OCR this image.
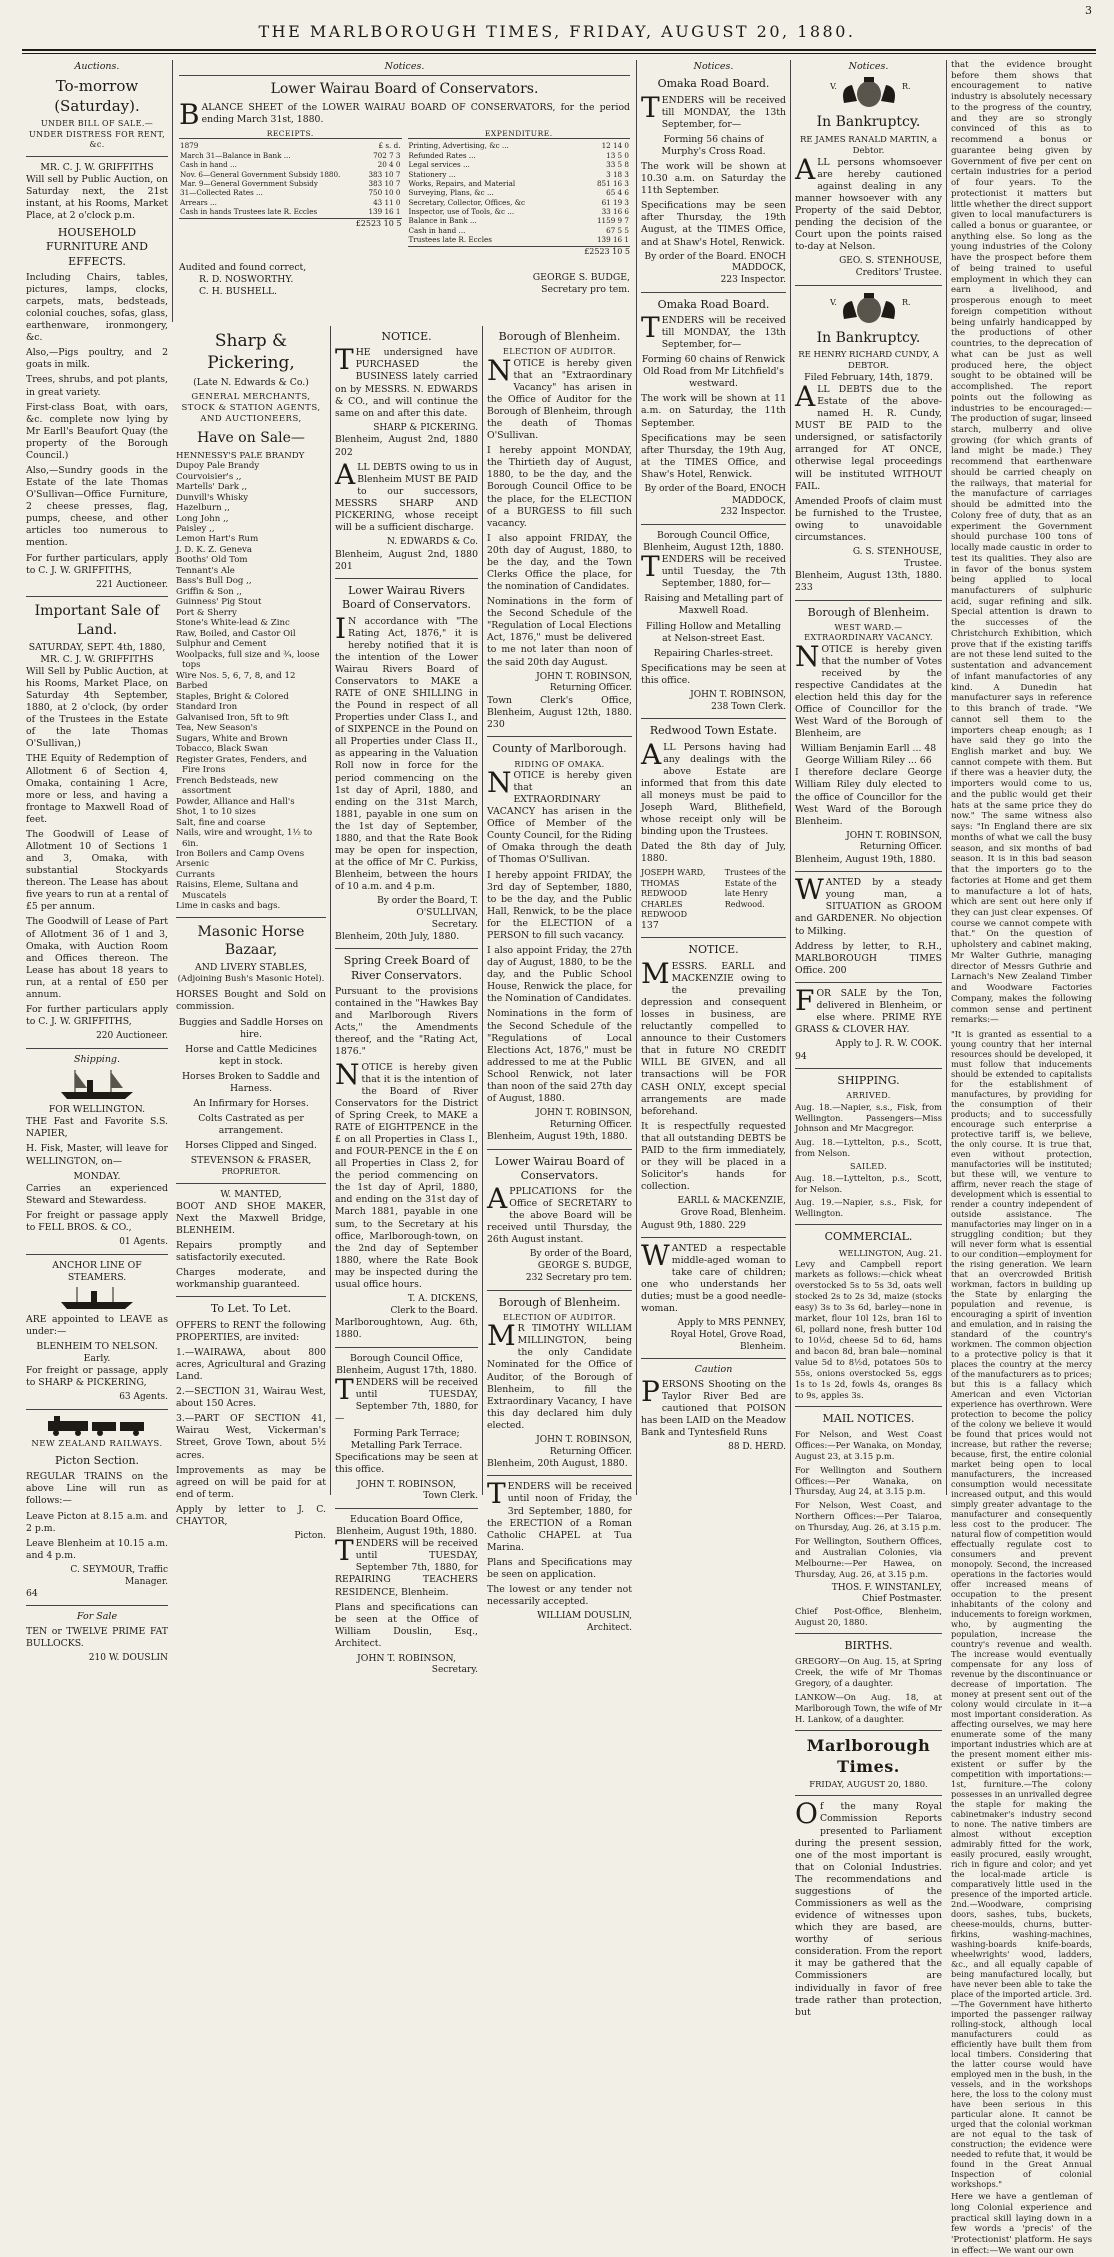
THE MARLBOROUGH TIMES, FRIDAY, AUGUST 20, 1880.
3
Auctions.
To-morrow (Saturday).
UNDER BILL OF SALE.—UNDER DISTRESS FOR RENT, &c.
MR. C. J. W. GRIFFITHS
Will sell by Public Auction, on Saturday next, the 21st instant, at his Rooms, Market Place, at 2 o'clock p.m.
HOUSEHOLD FURNITURE AND EFFECTS.
Including Chairs, tables, pictures, lamps, clocks, carpets, mats, bedsteads, colonial couches, sofas, glass, earthenware, ironmongery, &c.
Also,—Pigs poultry, and 2 goats in milk.
Trees, shrubs, and pot plants, in great variety.
First-class Boat, with oars, &c. complete now lying by Mr Earll's Beaufort Quay (the property of the Borough Council.)
Also,—Sundry goods in the Estate of the late Thomas O'Sullivan—Office Furniture, 2 cheese presses, flag, pumps, cheese, and other articles too numerous to mention.
For further particulars, apply to C. J. W. GRIFFITHS,
221 Auctioneer.
Important Sale of Land.
SATURDAY, SEPT. 4th, 1880,
MR. C. J. W. GRIFFITHS
Will Sell by Public Auction, at his Rooms, Market Place, on Saturday 4th September, 1880, at 2 o'clock, (by order of the Trustees in the Estate of the late Thomas O'Sullivan,)
THE Equity of Redemption of Allotment 6 of Section 4, Omaka, containing 1 Acre, more or less, and having a frontage to Maxwell Road of feet.
The Goodwill of Lease of Allotment 10 of Sections 1 and 3, Omaka, with substantial Stockyards thereon. The Lease has about five years to run at a rental of £5 per annum.
The Goodwill of Lease of Part of Allotment 36 of 1 and 3, Omaka, with Auction Room and Offices thereon. The Lease has about 18 years to run, at a rental of £50 per annum.
For further particulars apply to C. J. W. GRIFFITHS,
220 Auctioneer.
Shipping.
FOR WELLINGTON.
THE Fast and Favorite S.S. NAPIER,
H. Fisk, Master, will leave for WELLINGTON, on—
MONDAY.
Carries an experienced Steward and Stewardess.
For freight or passage apply to FELL BROS. & CO.,
01 Agents.
ANCHOR LINE OF STEAMERS.
ARE appointed to LEAVE as under:—
BLENHEIM TO NELSON.
Early.
For freight or passage, apply to SHARP & PICKERING,
63 Agents.
NEW ZEALAND RAILWAYS.
Picton Section.
REGULAR TRAINS on the above Line will run as follows:—
Leave Picton at 8.15 a.m. and 2 p.m.
Leave Blenheim at 10.15 a.m. and 4 p.m.
C. SEYMOUR, Traffic Manager.
64
For Sale
TEN or TWELVE PRIME FAT BULLOCKS.
210 W. DOUSLIN
Notices.
Lower Wairau Board of Conservators.
BALANCE SHEET of the LOWER WAIRAU BOARD OF CONSERVATORS, for the period ending March 31st, 1880.
RECEIPTS.
1879	£ s. d.
March 31—Balance in Bank ...	702 7 3
Cash in hand ...	20 4 0
Nov. 6—General Government Subsidy 1880.	383 10 7
Mar. 9—General Government Subsidy	383 10 7
31—Collected Rates ...	750 10 0
Arrears ...	43 11 0
Cash in hands Trustees late R. Eccles	139 16 1
£2523 10 5
EXPENDITURE.
Printing, Advertising, &c ...	12 14 0
Refunded Rates ...	13 5 0
Legal services ...	33 5 8
Stationery ...	3 18 3
Works, Repairs, and Material	851 16 3
Surveying, Plans, &c ...	65 4 6
Secretary, Collector, Offices, &c	61 19 3
Inspector, use of Tools, &c ...	33 16 6
Balance in Bank ...	1159 9 7
Cash in hand ...	67 5 5
Trustees late R. Eccles	139 16 1
£2523 10 5
Audited and found correct,
R. D. NOSWORTHY.
C. H. BUSHELL.
GEORGE S. BUDGE,
Secretary pro tem.
Sharp & Pickering,
(Late N. Edwards & Co.)
GENERAL MERCHANTS, STOCK & STATION AGENTS, AND AUCTIONEERS,
Have on Sale—
HENNESSY'S PALE BRANDY
Dupoy Pale Brandy
Courvoisier's ,,
Martells' Dark ,,
Dunvill's Whisky
Hazelburn ,,
Long John ,,
Paisley ,,
Lemon Hart's Rum
J. D. K. Z. Geneva
Booths' Old Tom
Tennant's Ale
Bass's Bull Dog ,,
Griffin & Son ,,
Guinness' Pig Stout
Port & Sherry
Stone's White-lead & Zinc
Raw, Boiled, and Castor Oil
Sulphur and Cement
Woolpacks, full size and ¾, loose tops
Wire Nos. 5, 6, 7, 8, and 12
Barbed
Staples, Bright & Colored
Standard Iron
Galvanised Iron, 5ft to 9ft
Tea, New Season's
Sugars, White and Brown
Tobacco, Black Swan
Register Grates, Fenders, and Fire Irons
French Bedsteads, new assortment
Powder, Alliance and Hall's
Shot, 1 to 10 sizes
Salt, fine and coarse
Nails, wire and wrought, 1½ to 6in.
Iron Boilers and Camp Ovens
Arsenic
Currants
Raisins, Eleme, Sultana and Muscatels
Lime in casks and bags.
Masonic Horse Bazaar,
AND LIVERY STABLES,
(Adjoining Bush's Masonic Hotel).
HORSES Bought and Sold on commission.
Buggies and Saddle Horses on hire.
Horse and Cattle Medicines kept in stock.
Horses Broken to Saddle and Harness.
An Infirmary for Horses.
Colts Castrated as per arrangement.
Horses Clipped and Singed.
STEVENSON & FRASER,
PROPRIETOR.
W. MANTED,
BOOT AND SHOE MAKER, Next the Maxwell Bridge, BLENHEIM.
Repairs promptly and satisfactorily executed.
Charges moderate, and workmanship guaranteed.
To Let. To Let.
OFFERS to RENT the following PROPERTIES, are invited:
1.—WAIRAWA, about 800 acres, Agricultural and Grazing Land.
2.—SECTION 31, Wairau West, about 150 Acres.
3.—PART OF SECTION 41, Wairau West, Vickerman's Street, Grove Town, about 5½ acres.
Improvements as may be agreed on will be paid for at end of term.
Apply by letter to J. C. CHAYTOR,
Picton.
NOTICE.
THE undersigned have PURCHASED the BUSINESS lately carried on by MESSRS. N. EDWARDS & CO., and will continue the same on and after this date.
SHARP & PICKERING.
Blenheim, August 2nd, 1880 202
ALL DEBTS owing to us in Blenheim MUST BE PAID to our successors, MESSRS SHARP AND PICKERING, whose receipt will be a sufficient discharge.
N. EDWARDS & Co.
Blenheim, August 2nd, 1880 201
Lower Wairau Rivers Board of Conservators.
IN accordance with "The Rating Act, 1876," it is hereby notified that it is the intention of the Lower Wairau Rivers Board of Conservators to MAKE a RATE of ONE SHILLING in the Pound in respect of all Properties under Class I., and of SIXPENCE in the Pound on all Properties under Class II., as appearing in the Valuation Roll now in force for the period commencing on the 1st day of April, 1880, and ending on the 31st March, 1881, payable in one sum on the 1st day of September, 1880, and that the Rate Book may be open for inspection, at the office of Mr C. Purkiss, Blenheim, between the hours of 10 a.m. and 4 p.m.
By order the Board, T. O'SULLIVAN,
Secretary.
Blenheim, 20th July, 1880.
Spring Creek Board of River Conservators.
Pursuant to the provisions contained in the "Hawkes Bay and Marlborough Rivers Acts," the Amendments thereof, and the "Rating Act, 1876."
NOTICE is hereby given that it is the intention of the Board of River Conservators for the District of Spring Creek, to MAKE a RATE of EIGHTPENCE in the £ on all Properties in Class I., and FOUR-PENCE in the £ on all Properties in Class 2, for the period commencing on the 1st day of April, 1880, and ending on the 31st day of March 1881, payable in one sum, to the Secretary at his office, Marlborough-town, on the 2nd day of September 1880, where the Rate Book may be inspected during the usual office hours.
T. A. DICKENS,
Clerk to the Board.
Marlboroughtown, Aug. 6th, 1880.
Borough Council Office,
Blenheim, August 17th, 1880.
TENDERS will be received until TUESDAY, September 7th, 1880, for—
Forming Park Terrace;
Metalling Park Terrace.
Specifications may be seen at this office.
JOHN T. ROBINSON,
Town Clerk.
Education Board Office,
Blenheim, August 19th, 1880.
TENDERS will be received until TUESDAY, September 7th, 1880, for REPAIRING TEACHERS RESIDENCE, Blenheim.
Plans and specifications can be seen at the Office of William Douslin, Esq., Architect.
JOHN T. ROBINSON,
Secretary.
Borough of Blenheim.
ELECTION OF AUDITOR.
NOTICE is hereby given that an "Extraordinary Vacancy" has arisen in the Office of Auditor for the Borough of Blenheim, through the death of Thomas O'Sullivan.
I hereby appoint MONDAY, the Thirtieth day of August, 1880, to be the day, and the Borough Council Office to be the place, for the ELECTION of a BURGESS to fill such vacancy.
I also appoint FRIDAY, the 20th day of August, 1880, to be the day, and the Town Clerks Office the place, for the nomination of Candidates.
Nominations in the form of the Second Schedule of the "Regulation of Local Elections Act, 1876," must be delivered to me not later than noon of the said 20th day August.
JOHN T. ROBINSON,
Returning Officer.
Town Clerk's Office, Blenheim, August 12th, 1880. 230
County of Marlborough.
RIDING OF OMAKA.
NOTICE is hereby given that an EXTRAORDINARY VACANCY has arisen in the Office of Member of the County Council, for the Riding of Omaka through the death of Thomas O'Sullivan.
I hereby appoint FRIDAY, the 3rd day of September, 1880, to be the day, and the Public Hall, Renwick, to be the place for the ELECTION of a PERSON to fill such vacancy.
I also appoint Friday, the 27th day of August, 1880, to be the day, and the Public School House, Renwick the place, for the Nomination of Candidates.
Nominations in the form of the Second Schedule of the "Regulations of Local Elections Act, 1876," must be addressed to me at the Public School Renwick, not later than noon of the said 27th day of August, 1880.
JOHN T. ROBINSON,
Returning Officer.
Blenheim, August 19th, 1880.
Lower Wairau Board of Conservators.
APPLICATIONS for the Office of SECRETARY to the above Board will be received until Thursday, the 26th August instant.
By order of the Board, GEORGE S. BUDGE,
232 Secretary pro tem.
Borough of Blenheim.
ELECTION OF AUDITOR.
MR TIMOTHY WILLIAM MILLINGTON, being the only Candidate Nominated for the Office of Auditor, of the Borough of Blenheim, to fill the Extraordinary Vacancy, I have this day declared him duly elected.
JOHN T. ROBINSON,
Returning Officer.
Blenheim, 20th August, 1880.
TENDERS will be received until noon of Friday, the 3rd September, 1880, for the ERECTION of a Roman Catholic CHAPEL at Tua Marina.
Plans and Specifications may be seen on application.
The lowest or any tender not necessarily accepted.
WILLIAM DOUSLIN,
Architect.
Notices.
Omaka Road Board.
TENDERS will be received till MONDAY, the 13th September, for—
Forming 56 chains of Murphy's Cross Road.
The work will be shown at 10.30 a.m. on Saturday the 11th September.
Specifications may be seen after Thursday, the 19th August, at the TIMES Office, and at Shaw's Hotel, Renwick.
By order of the Board. ENOCH MADDOCK,
223 Inspector.
Omaka Road Board.
TENDERS will be received till MONDAY, the 13th September, for—
Forming 60 chains of Renwick Old Road from Mr Litchfield's westward.
The work will be shown at 11 a.m. on Saturday, the 11th September.
Specifications may be seen after Thursday, the 19th Aug, at the TIMES Office, and Shaw's Hotel, Renwick.
By order of the Board, ENOCH MADDOCK,
232 Inspector.
Borough Council Office,
Blenheim, August 12th, 1880.
TENDERS will be received until Tuesday, the 7th September, 1880, for—
Raising and Metalling part of Maxwell Road.
Filling Hollow and Metalling at Nelson-street East.
Repairing Charles-street.
Specifications may be seen at this office.
JOHN T. ROBINSON,
238 Town Clerk.
Redwood Town Estate.
ALL Persons having had any dealings with the above Estate are informed that from this date all moneys must be paid to Joseph Ward, Blithefield, whose receipt only will be binding upon the Trustees.
Dated the 8th day of July, 1880.
JOSEPH WARD,
THOMAS REDWOOD
CHARLES REDWOOD
Trustees of the Estate of the late Henry Redwood.
137
NOTICE.
MESSRS. EARLL and MACKENZIE owing to the prevailing depression and consequent losses in business, are reluctantly compelled to announce to their Customers that in future NO CREDIT WILL BE GIVEN, and all transactions will be FOR CASH ONLY, except special arrangements are made beforehand.
It is respectfully requested that all outstanding DEBTS be PAID to the firm immediately, or they will be placed in a Solicitor's hands for collection.
EARLL & MACKENZIE,
Grove Road, Blenheim.
August 9th, 1880. 229
WANTED a respectable middle-aged woman to take care of children; one who understands her duties; must be a good needle-woman.
Apply to MRS PENNEY,
Royal Hotel, Grove Road, Blenheim.
Caution
PERSONS Shooting on the Taylor River Bed are cautioned that POISON has been LAID on the Meadow Bank and Tyntesfield Runs
88 D. HERD.
Notices.
V.	R.
In Bankruptcy.
RE JAMES RANALD MARTIN, a Debtor.
ALL persons whomsoever are hereby cautioned against dealing in any manner howsoever with any Property of the said Debtor, pending the decision of the Court upon the points raised to-day at Nelson.
GEO. S. STENHOUSE,
Creditors' Trustee.
V.	R.
In Bankruptcy.
RE HENRY RICHARD CUNDY, A DEBTOR.
Filed February, 14th, 1879.
ALL DEBTS due to the Estate of the above-named H. R. Cundy, MUST BE PAID to the undersigned, or satisfactorily arranged for AT ONCE, otherwise legal proceedings will be instituted WITHOUT FAIL.
Amended Proofs of claim must be furnished to the Trustee, owing to unavoidable circumstances.
G. S. STENHOUSE,
Trustee.
Blenheim, August 13th, 1880. 233
Borough of Blenheim.
WEST WARD.—EXTRAORDINARY VACANCY.
NOTICE is hereby given that the number of Votes received by the respective Candidates at the election held this day for the Office of Councillor for the West Ward of the Borough of Blenheim, are
William Benjamin Earll ... 48
George William Riley ... 66
I therefore declare George William Riley duly elected to the office of Councillor for the West Ward of the Borough Blenheim.
JOHN T. ROBINSON,
Returning Officer.
Blenheim, August 19th, 1880.
WANTED by a steady young man, a SITUATION as GROOM and GARDENER. No objection to Milking.
Address by letter, to R.H., MARLBOROUGH TIMES Office. 200
FOR SALE by the Ton, delivered in Blenheim, or else where. PRIME RYE GRASS & CLOVER HAY.
Apply to J. R. W. COOK.
94
SHIPPING.
ARRIVED.
Aug. 18.—Napier, s.s., Fisk, from Wellington. Passengers—Miss Johnson and Mr Macgregor.
Aug. 18.—Lyttelton, p.s., Scott, from Nelson.
SAILED.
Aug. 18.—Lyttelton, p.s., Scott, for Nelson.
Aug. 19.—Napier, s.s., Fisk, for Wellington.
COMMERCIAL.
WELLINGTON, Aug. 21.
Levy and Campbell report markets as follows:—chick wheat overstocked 5s to 5s 3d, oats well stocked 2s to 2s 3d, maize (stocks easy) 3s to 3s 6d, barley—none in market, flour 10l 12s, bran 16l to 6l, pollard none, fresh butter 10d to 10½d, cheese 5d to 6d, hams and bacon 8d, bran bale—nominal value 5d to 8½d, potatoes 50s to 55s, onions overstocked 5s, eggs 1s to 1s 2d, fowls 4s, oranges 8s to 9s, apples 3s.
MAIL NOTICES.
For Nelson, and West Coast Offices:—Per Wanaka, on Monday, August 23, at 3.15 p.m.
For Wellington and Southern Offices:—Per Wanaka, on Thursday, Aug 24, at 3.15 p.m.
For Nelson, West Coast, and Northern Offices:—Per Taiaroa, on Thursday, Aug. 26, at 3.15 p.m.
For Wellington, Southern Offices, and Australian Colonies, via Melbourne:—Per Hawea, on Thursday, Aug. 26, at 3.15 p.m.
THOS. F. WINSTANLEY,
Chief Postmaster.
Chief Post-Office, Blenheim, August 20, 1880.
BIRTHS.
GREGORY—On Aug. 15, at Spring Creek, the wife of Mr Thomas Gregory, of a daughter.
LANKOW—On Aug. 18, at Marlborough Town, the wife of Mr H. Lankow, of a daughter.
Marlborough Times.
FRIDAY, AUGUST 20, 1880.
Of the many Royal Commission Reports presented to Parliament during the present session, one of the most important is that on Colonial Industries. The recommendations and suggestions of the Commissioners as well as the evidence of witnesses upon which they are based, are worthy of serious consideration. From the report it may be gathered that the Commissioners are individually in favor of free trade rather than protection, but
that the evidence brought before them shows that encouragement to native industry is absolutely necessary to the progress of the country, and they are so strongly convinced of this as to recommend a bonus or guarantee being given by Government of five per cent on certain industries for a period of four years. To the protectionist it matters but little whether the direct support given to local manufacturers is called a bonus or guarantee, or anything else. So long as the young industries of the Colony have the prospect before them of being trained to useful employment in which they can earn a livelihood, and prosperous enough to meet foreign competition without being unfairly handicapped by the productions of other countries, to the deprecation of what can be just as well produced here, the object sought to be obtained will be accomplished. The report points out the following as industries to be encouraged:—The production of sugar, linseed starch, mulberry and olive growing (for which grants of land might be made.) They recommend that earthenware should be carried cheaply on the railways, that material for the manufacture of carriages should be admitted into the Colony free of duty, that as an experiment the Government should purchase 100 tons of locally made caustic in order to test its qualities. They also are in favor of the bonus system being applied to local manufacturers of sulphuric acid, sugar refining and silk. Special attention is drawn to the successes of the Christchurch Exhibition, which prove that if the existing tariffs are not these lend suited to the sustentation and advancement of infant manufactories of any kind. A Dunedin hat manufacturer says in reference to this branch of trade. "We cannot sell them to the importers cheap enough; as I have said they go into the English market and buy. We cannot compete with them. But if there was a heavier duty, the importers would come to us, and the public would get their hats at the same price they do now." The same witness also says: "In England there are six months of what we call the busy season, and six months of bad season. It is in this bad season that the importers go to the factories at Home and get them to manufacture a lot of hats, which are sent out here only if they can just clear expenses. Of course we cannot compete with that." On the question of upholstery and cabinet making, Mr Walter Guthrie, managing director of Messrs Guthrie and Larnach's New Zealand Timber and Woodware Factories Company, makes the following common sense and pertinent remarks:—
"It is granted as essential to a young country that her internal resources should be developed, it must follow that inducements should be extended to capitalists for the establishment of manufactures, by providing for the consumption of their products; and to successfully encourage such enterprise a protective tariff is, we believe, the only course. It is true that, even without protection, manufactories will be instituted; but these will, we venture to affirm, never reach the stage of development which is essential to render a country independent of outside assistance. The manufactories may linger on in a struggling condition; but they will never form what is essential to our condition—employment for the rising generation. We learn that an overcrowded British workman, factors in building up the State by enlarging the population and revenue, is encouraging a spirit of invention and emulation, and in raising the standard of the country's workmen. The common objection to a protective policy is that it places the country at the mercy of the manufacturers as to prices; but this is a fallacy which American and even Victorian experience has overthrown. Were protection to become the policy of the colony we believe it would be found that prices would not increase, but rather the reverse; because, first, the entire colonial market being open to local manufacturers, the increased consumption would necessitate increased output, and this would simply greater advantage to the manufacturer and consequently less cost to the producer. The natural flow of competition would effectually regulate cost to consumers and prevent monopoly. Second, the increased operations in the factories would offer increased means of occupation to the present inhabitants of the colony and inducements to foreign workmen, who, by augmenting the population, increase the country's revenue and wealth. The increase would eventually compensate for any loss of revenue by the discontinuance or decrease of importation. The money at present sent out of the colony would circulate in it—a most important consideration. As affecting ourselves, we may here enumerate some of the many important industries which are at the present moment either mis-existent or suffer by the competition with importations:—1st, furniture.—The colony possesses in an unrivalled degree the staple for making the cabinetmaker's industry second to none. The native timbers are almost without exception admirably fitted for the work, easily procured, easily wrought, rich in figure and color; and yet the local-made article is comparatively little used in the presence of the imported article. 2nd.—Woodware, comprising doors, sashes, tubs, buckets, cheese-moulds, churns, butter-firkins, washing-machines, washing-boards knife-boards, wheelwrights' wood, ladders, &c., and all equally capable of being manufactured locally, but have never been able to take the place of the imported article. 3rd.—The Government have hitherto imported the passenger railway rolling-stock, although local manufacturers could as efficiently have built them from local timbers. Considering that the latter course would have employed men in the bush, in the vessels, and in the workshops here, the loss to the colony must have been serious in this particular alone. It cannot be urged that the colonial workman are not equal to the task of construction; the evidence were needed to refute that, it would be found in the Great Annual Inspection of colonial workshops."
Here we have a gentleman of long Colonial experience and practical skill laying down in a few words a 'precis' of the 'Protectionist' platform. He says in effect:—We want our own
